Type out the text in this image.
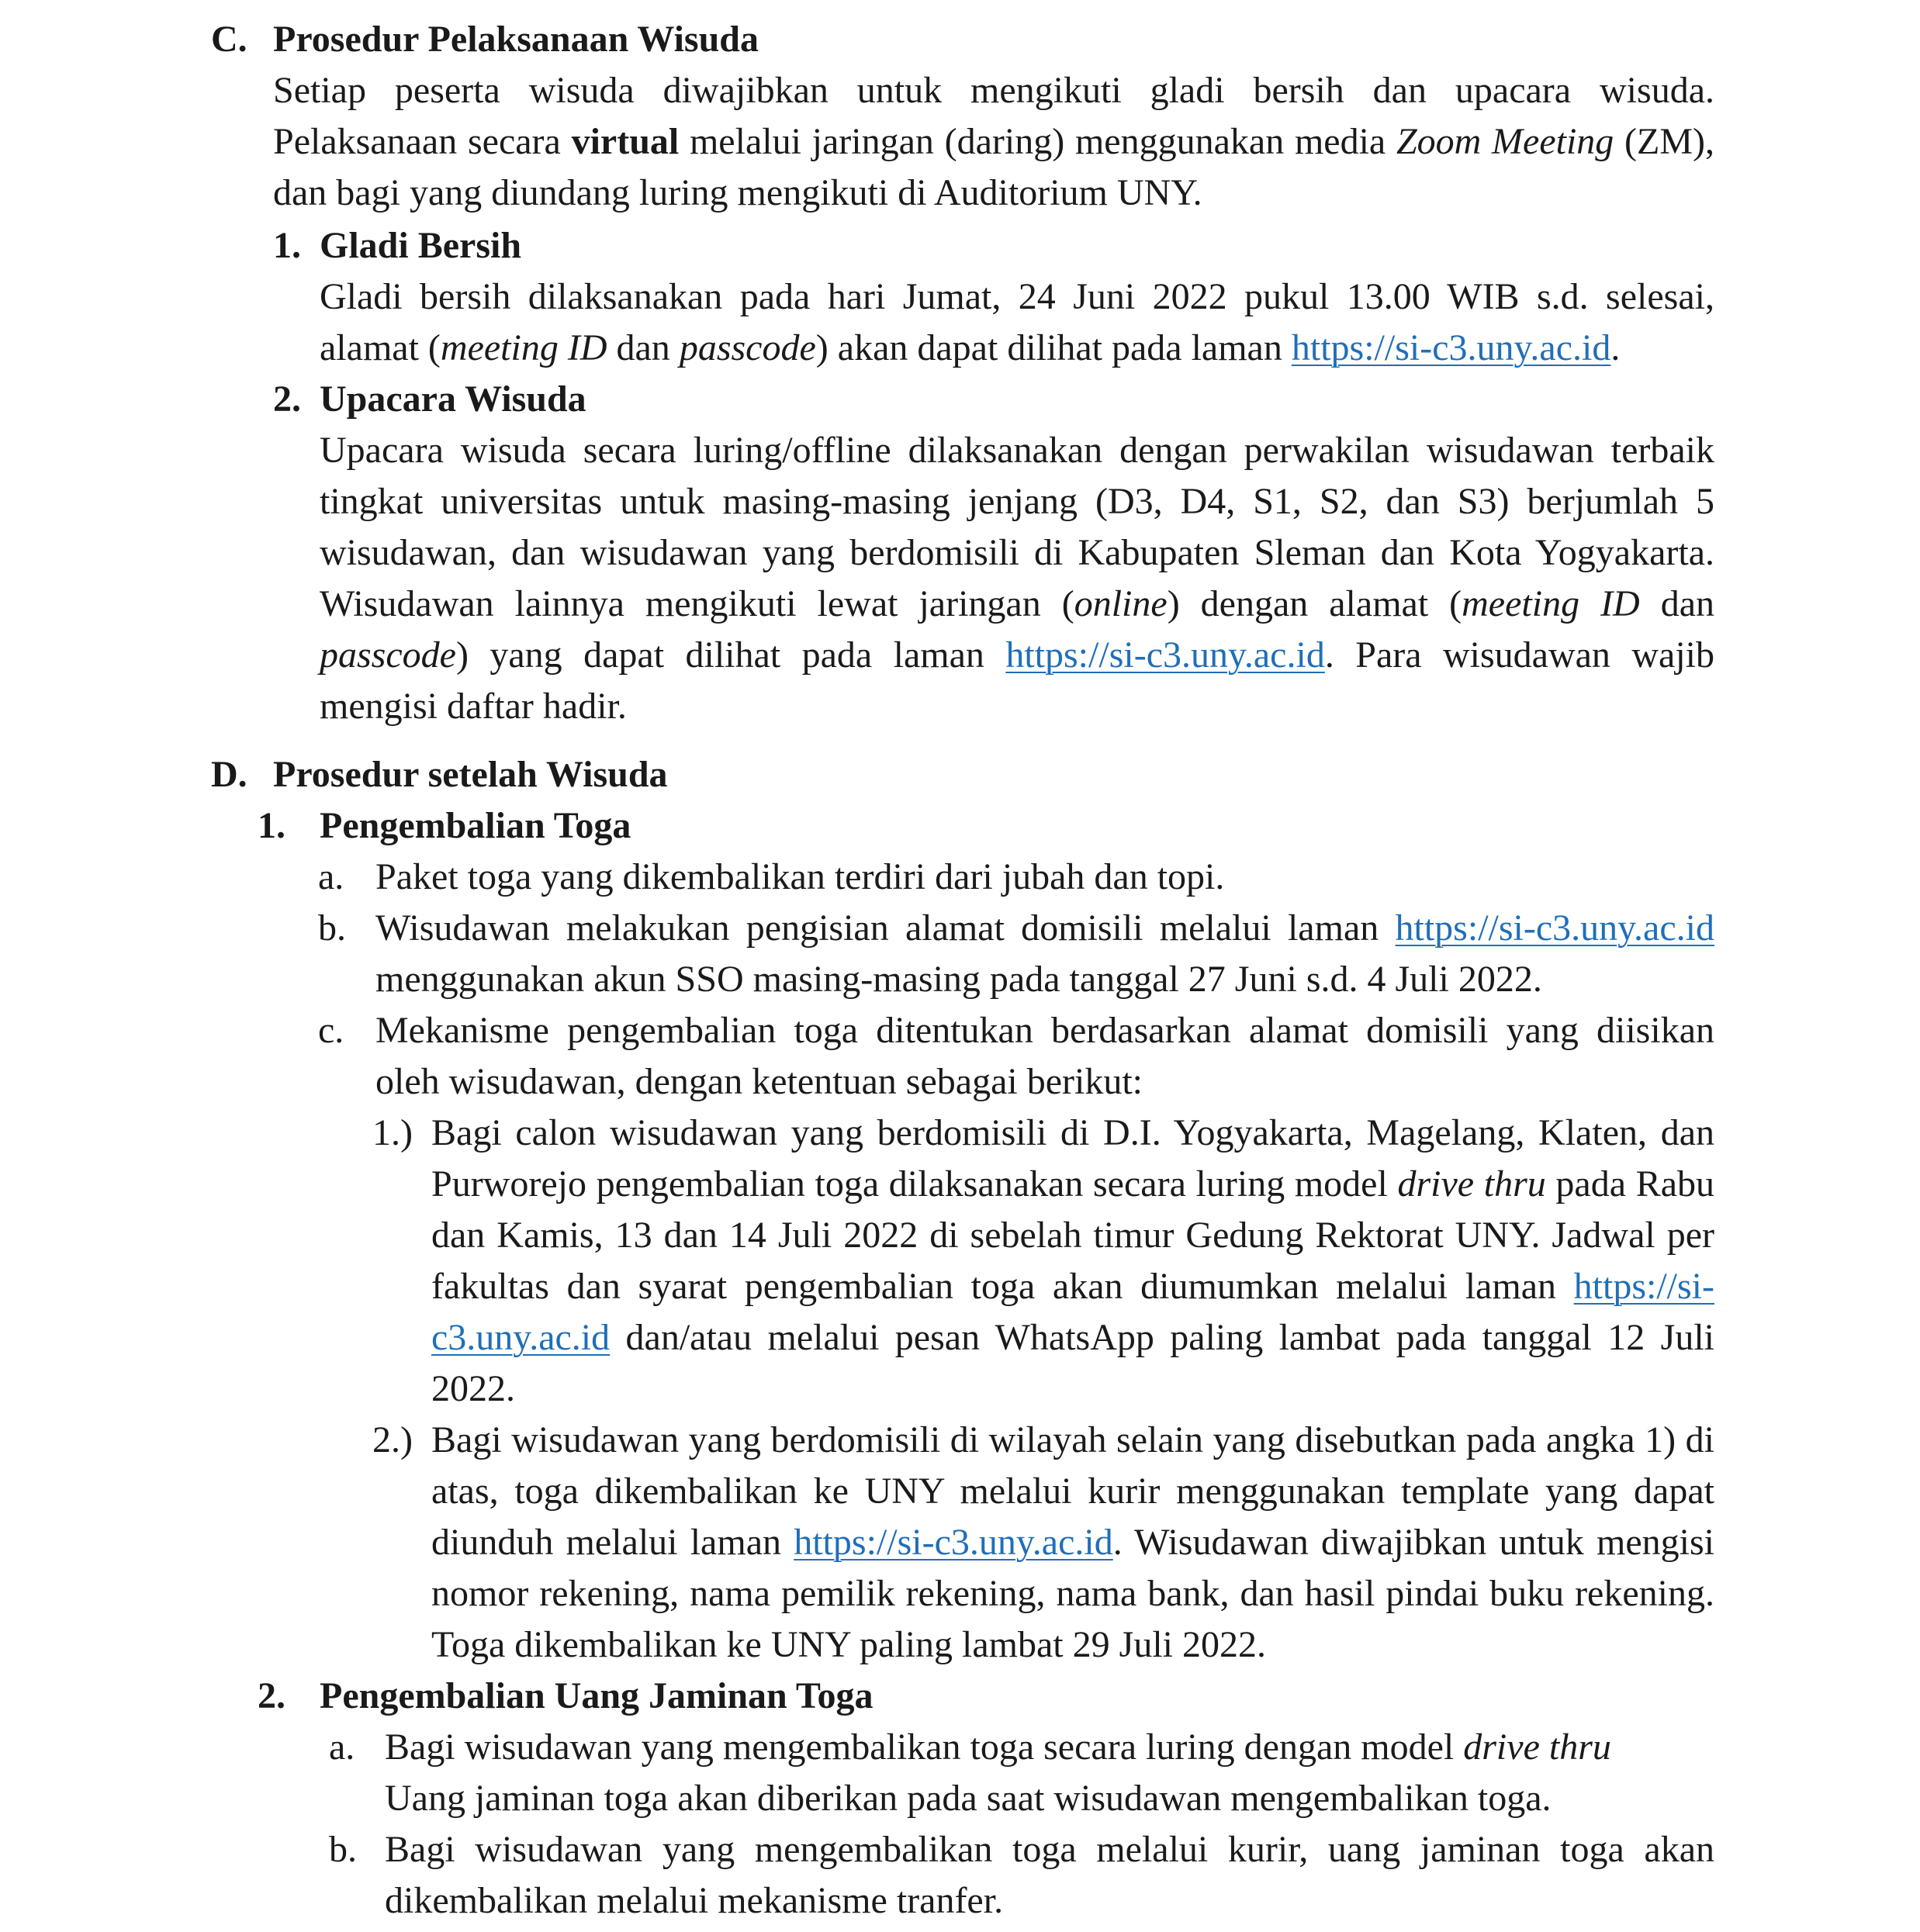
C. Prosedur Pelaksanaan Wisuda
Setiap peserta wisuda diwajibkan untuk mengikuti gladi bersih dan upacara wisuda. Pelaksanaan secara virtual melalui jaringan (daring) menggunakan media Zoom Meeting (ZM), dan bagi yang diundang luring mengikuti di Auditorium UNY.
1. Gladi Bersih
Gladi bersih dilaksanakan pada hari Jumat, 24 Juni 2022 pukul 13.00 WIB s.d. selesai, alamat (meeting ID dan passcode) akan dapat dilihat pada laman https://si-c3.uny.ac.id.
2. Upacara Wisuda
Upacara wisuda secara luring/offline dilaksanakan dengan perwakilan wisudawan terbaik tingkat universitas untuk masing-masing jenjang (D3, D4, S1, S2, dan S3) berjumlah 5 wisudawan, dan wisudawan yang berdomisili di Kabupaten Sleman dan Kota Yogyakarta. Wisudawan lainnya mengikuti lewat jaringan (online) dengan alamat (meeting ID dan passcode) yang dapat dilihat pada laman https://si-c3.uny.ac.id. Para wisudawan wajib mengisi daftar hadir.
D. Prosedur setelah Wisuda
1. Pengembalian Toga
a. Paket toga yang dikembalikan terdiri dari jubah dan topi.
b. Wisudawan melakukan pengisian alamat domisili melalui laman https://si-c3.uny.ac.id menggunakan akun SSO masing-masing pada tanggal 27 Juni s.d. 4 Juli 2022.
c. Mekanisme pengembalian toga ditentukan berdasarkan alamat domisili yang diisikan oleh wisudawan, dengan ketentuan sebagai berikut:
1.) Bagi calon wisudawan yang berdomisili di D.I. Yogyakarta, Magelang, Klaten, dan Purworejo pengembalian toga dilaksanakan secara luring model drive thru pada Rabu dan Kamis, 13 dan 14 Juli 2022 di sebelah timur Gedung Rektorat UNY. Jadwal per fakultas dan syarat pengembalian toga akan diumumkan melalui laman https://si-c3.uny.ac.id dan/atau melalui pesan WhatsApp paling lambat pada tanggal 12 Juli 2022.
2.) Bagi wisudawan yang berdomisili di wilayah selain yang disebutkan pada angka 1) di atas, toga dikembalikan ke UNY melalui kurir menggunakan template yang dapat diunduh melalui laman https://si-c3.uny.ac.id. Wisudawan diwajibkan untuk mengisi nomor rekening, nama pemilik rekening, nama bank, dan hasil pindai buku rekening. Toga dikembalikan ke UNY paling lambat 29 Juli 2022.
2. Pengembalian Uang Jaminan Toga
a. Bagi wisudawan yang mengembalikan toga secara luring dengan model drive thru
Uang jaminan toga akan diberikan pada saat wisudawan mengembalikan toga.
b. Bagi wisudawan yang mengembalikan toga melalui kurir, uang jaminan toga akan dikembalikan melalui mekanisme tranfer.
